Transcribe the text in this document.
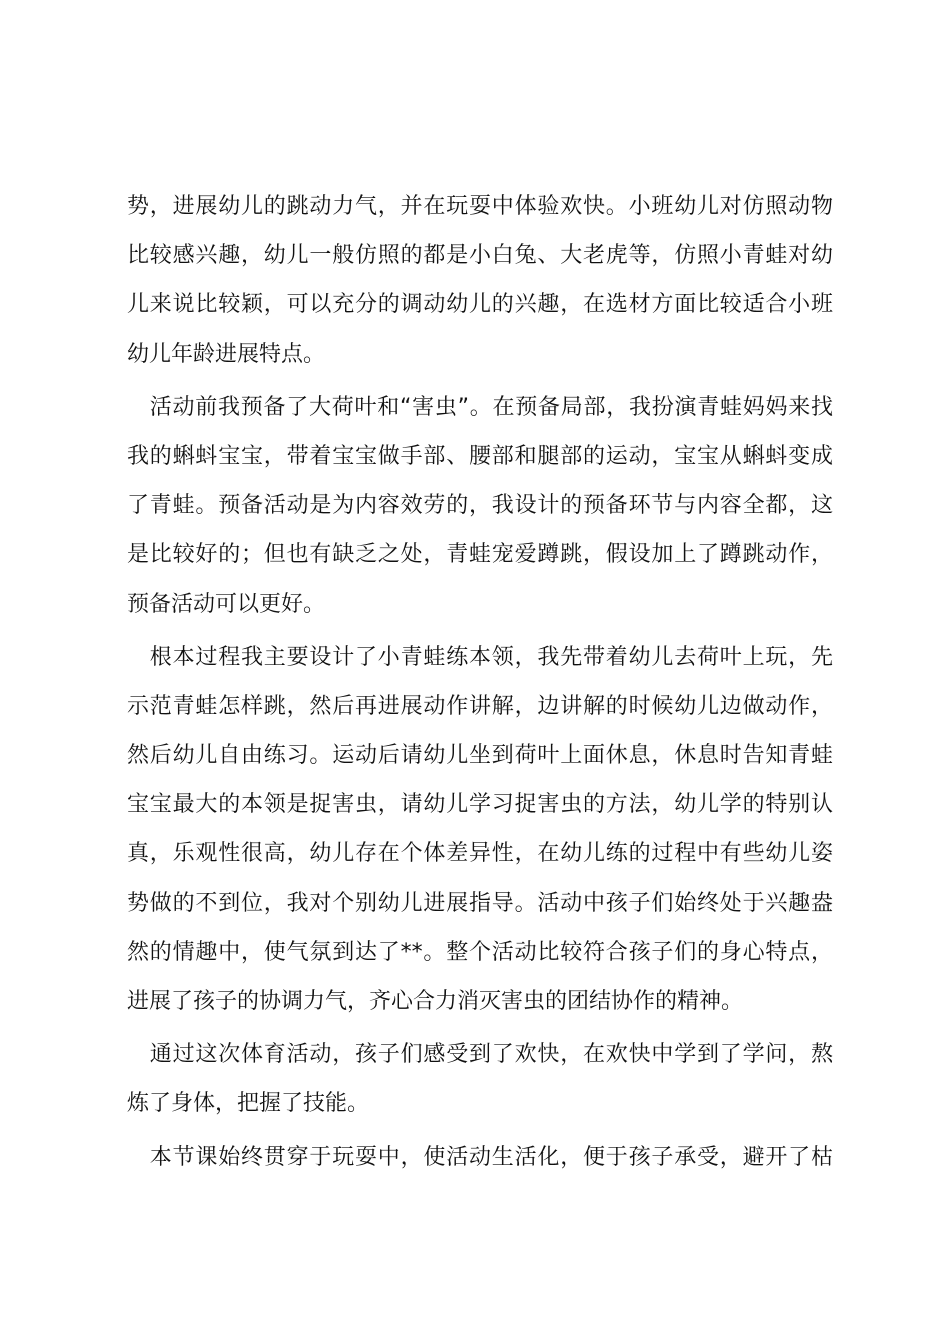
势，进展幼儿的跳动力气，并在玩耍中体验欢快。小班幼儿对仿照动物
比较感兴趣，幼儿一般仿照的都是小白兔、大老虎等，仿照小青蛙对幼
儿来说比较颖，可以充分的调动幼儿的兴趣，在选材方面比较适合小班
幼儿年龄进展特点。
　活动前我预备了大荷叶和“害虫”。在预备局部，我扮演青蛙妈妈来找
我的蝌蚪宝宝，带着宝宝做手部、腰部和腿部的运动，宝宝从蝌蚪变成
了青蛙。预备活动是为内容效劳的，我设计的预备环节与内容全都，这
是比较好的；但也有缺乏之处，青蛙宠爱蹲跳，假设加上了蹲跳动作，
预备活动可以更好。
　根本过程我主要设计了小青蛙练本领，我先带着幼儿去荷叶上玩，先
示范青蛙怎样跳，然后再进展动作讲解，边讲解的时候幼儿边做动作，
然后幼儿自由练习。运动后请幼儿坐到荷叶上面休息，休息时告知青蛙
宝宝最大的本领是捉害虫，请幼儿学习捉害虫的方法，幼儿学的特别认
真，乐观性很高，幼儿存在个体差异性，在幼儿练的过程中有些幼儿姿
势做的不到位，我对个别幼儿进展指导。活动中孩子们始终处于兴趣盎
然的情趣中，使气氛到达了**。整个活动比较符合孩子们的身心特点，
进展了孩子的协调力气，齐心合力消灭害虫的团结协作的精神。
　通过这次体育活动，孩子们感受到了欢快，在欢快中学到了学问，熬
炼了身体，把握了技能。
　本节课始终贯穿于玩耍中，使活动生活化，便于孩子承受，避开了枯
